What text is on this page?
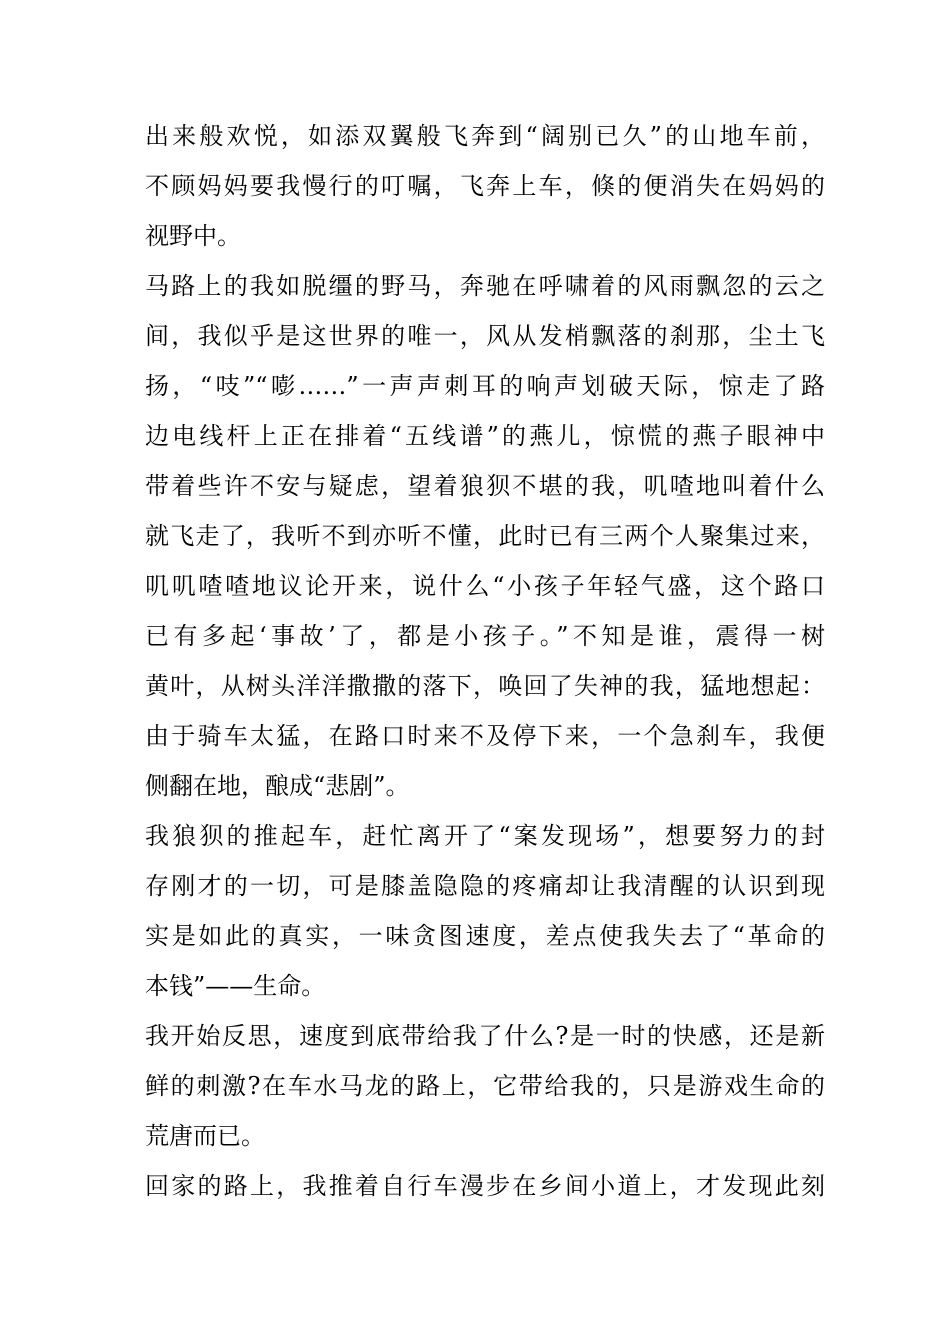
出来般欢悦，如添双翼般飞奔到“阔别已久”的山地车前，
不顾妈妈要我慢行的叮嘱，飞奔上车，倏的便消失在妈妈的
视野中。
马路上的我如脱缰的野马，奔驰在呼啸着的风雨飘忽的云之
间，我似乎是这世界的唯一，风从发梢飘落的刹那，尘土飞
扬，“吱”“嘭……”一声声刺耳的响声划破天际，惊走了路
边电线杆上正在排着“五线谱”的燕儿，惊慌的燕子眼神中
带着些许不安与疑虑，望着狼狈不堪的我，叽喳地叫着什么
就飞走了，我听不到亦听不懂，此时已有三两个人聚集过来，
叽叽喳喳地议论开来，说什么“小孩子年轻气盛，这个路口
已有多起‘事故’了，都是小孩子。”不知是谁，震得一树
黄叶，从树头洋洋撒撒的落下，唤回了失神的我，猛地想起：
由于骑车太猛，在路口时来不及停下来，一个急刹车，我便
侧翻在地，酿成“悲剧”。
我狼狈的推起车，赶忙离开了“案发现场”，想要努力的封
存刚才的一切，可是膝盖隐隐的疼痛却让我清醒的认识到现
实是如此的真实，一味贪图速度，差点使我失去了“革命的
本钱”——生命。
我开始反思，速度到底带给我了什么?是一时的快感，还是新
鲜的刺激?在车水马龙的路上，它带给我的，只是游戏生命的
荒唐而已。
回家的路上，我推着自行车漫步在乡间小道上，才发现此刻
